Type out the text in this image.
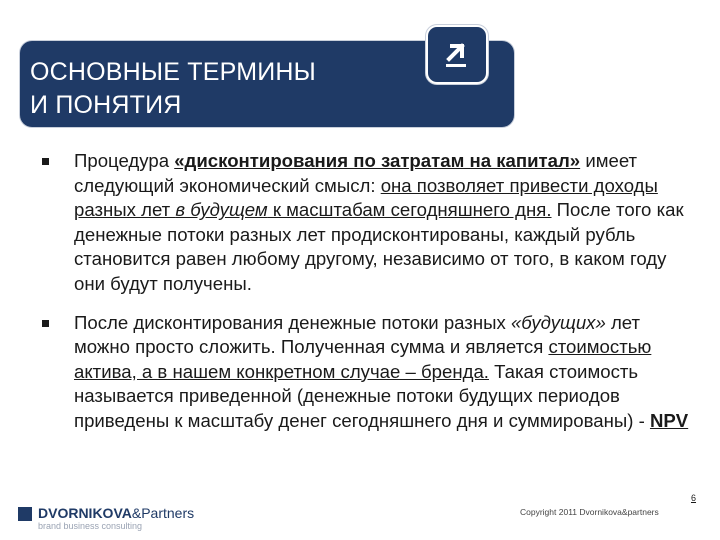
ОСНОВНЫЕ ТЕРМИНЫ
И ПОНЯТИЯ
Процедура «дисконтирования по затратам на капитал» имеет следующий экономический смысл: она позволяет привести доходы разных лет в будущем к масштабам сегодняшнего дня. После того как денежные потоки разных лет продисконтированы, каждый рубль становится равен любому другому, независимо от того, в каком году они будут получены.
После дисконтирования денежные потоки разных «будущих» лет можно просто сложить. Полученная сумма и является стоимостью актива, а в нашем конкретном случае – бренда. Такая стоимость называется приведенной (денежные потоки будущих периодов приведены к масштабу денег сегодняшнего дня и суммированы) - NPV
DVORNIKOVA&Partners
brand business consulting
Copyright 2011 Dvornikova&partners
6
